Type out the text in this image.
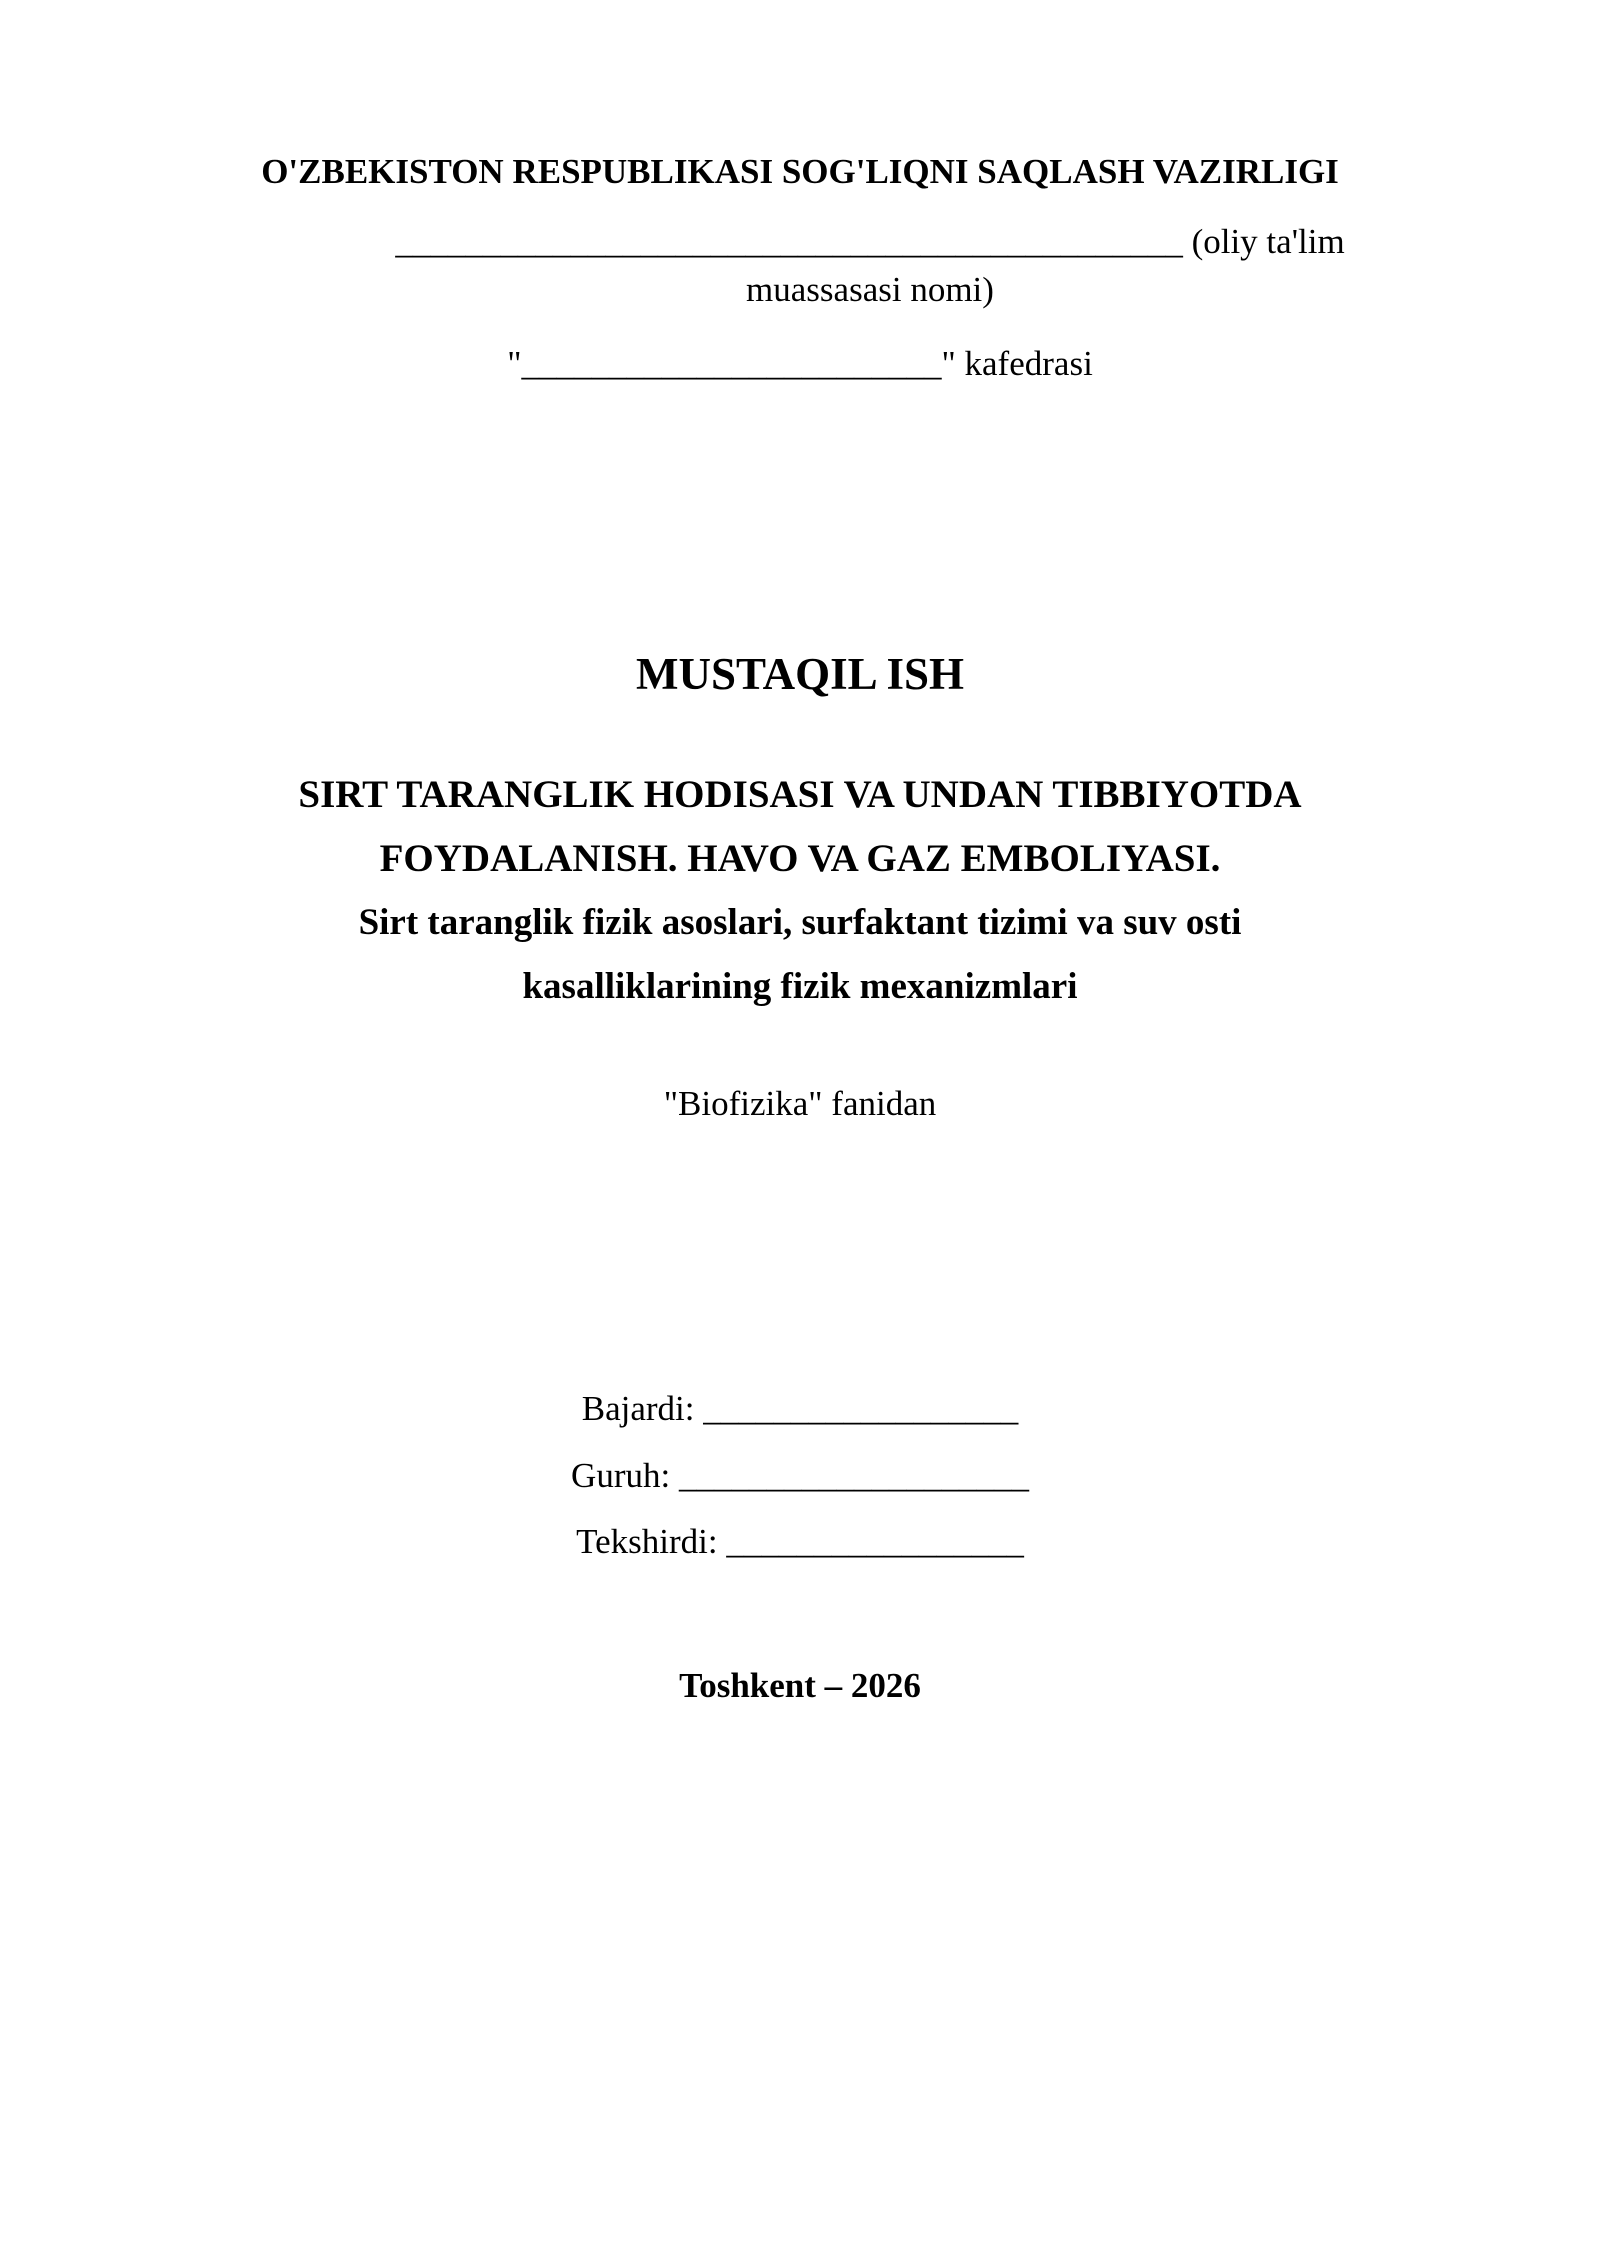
O'ZBEKISTON RESPUBLIKASI SOG'LIQNI SAQLASH VAZIRLIGI
_____________________________________________ (oliy ta'lim
muassasasi nomi)
"________________________" kafedrasi
MUSTAQIL ISH
SIRT TARANGLIK HODISASI VA UNDAN TIBBIYOTDA
FOYDALANISH. HAVO VA GAZ EMBOLIYASI.
Sirt taranglik fizik asoslari, surfaktant tizimi va suv osti
kasalliklarining fizik mexanizmlari
"Biofizika" fanidan
Bajardi: __________________
Guruh: ____________________
Tekshirdi: _________________
Toshkent – 2026
